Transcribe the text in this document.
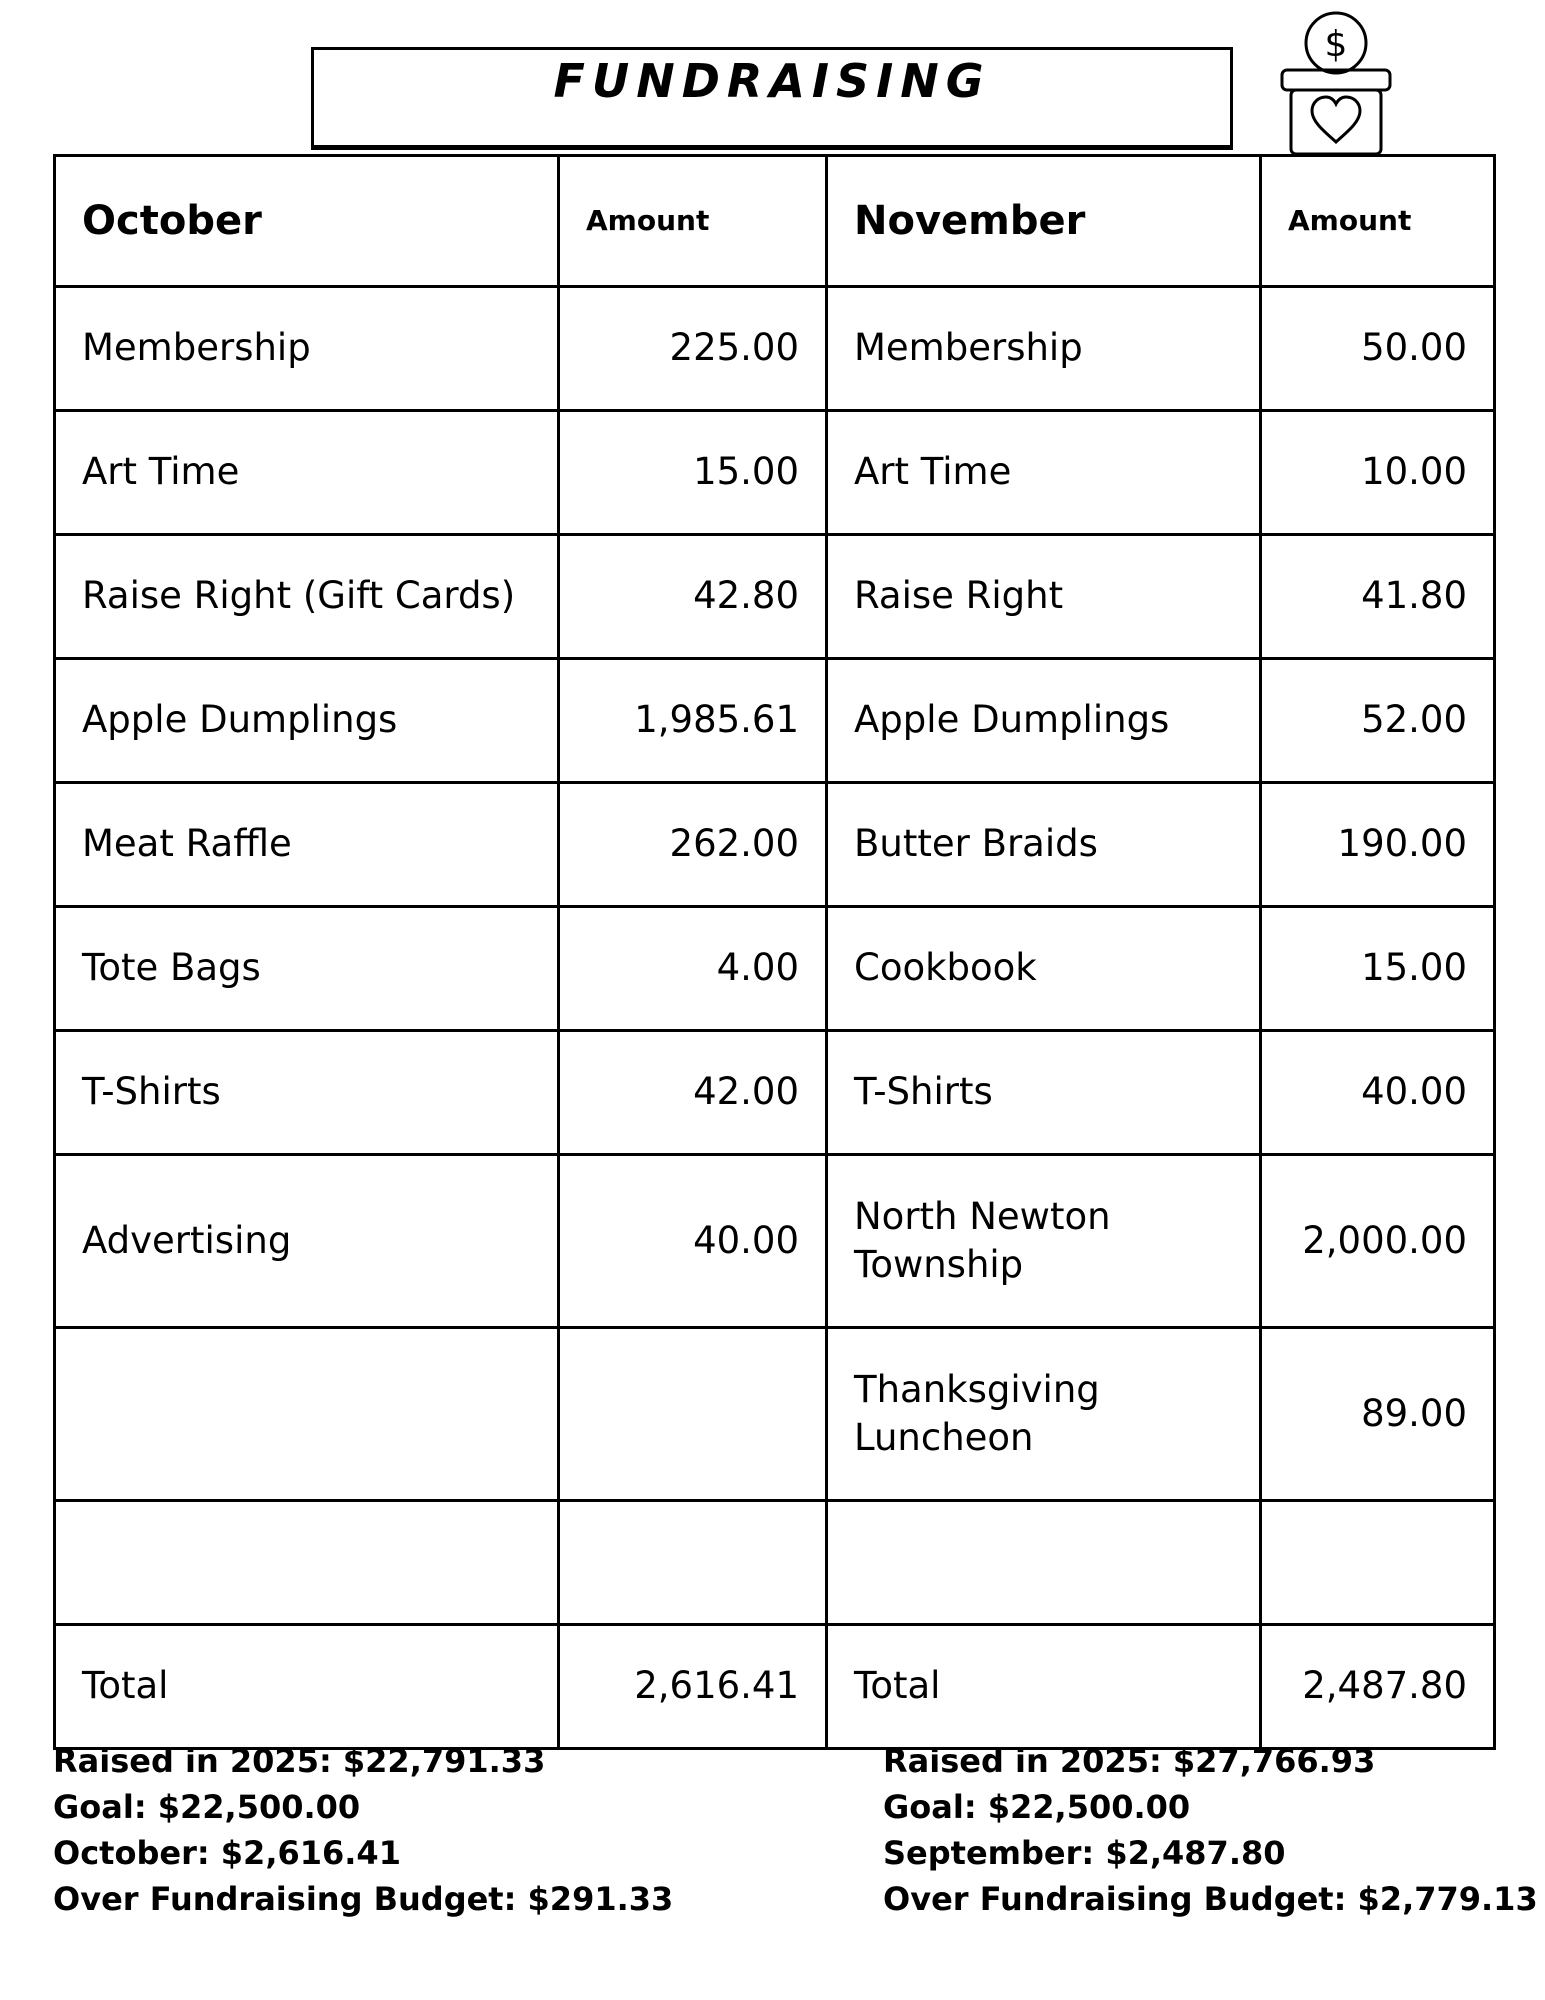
FUNDRAISING
$
October	Amount	November	Amount
Membership	225.00	Membership	50.00
Art Time	15.00	Art Time	10.00
Raise Right (Gift Cards)	42.80	Raise Right	41.80
Apple Dumplings	1,985.61	Apple Dumplings	52.00
Meat Raffle	262.00	Butter Braids	190.00
Tote Bags	4.00	Cookbook	15.00
T-Shirts	42.00	T-Shirts	40.00
Advertising	40.00	North Newton Township	2,000.00
		Thanksgiving Luncheon	89.00

Total	2,616.41	Total	2,487.80
Raised in 2025: $22,791.33
Goal: $22,500.00
October: $2,616.41
Over Fundraising Budget: $291.33
Raised in 2025: $27,766.93
Goal: $22,500.00
September: $2,487.80
Over Fundraising Budget: $2,779.13
